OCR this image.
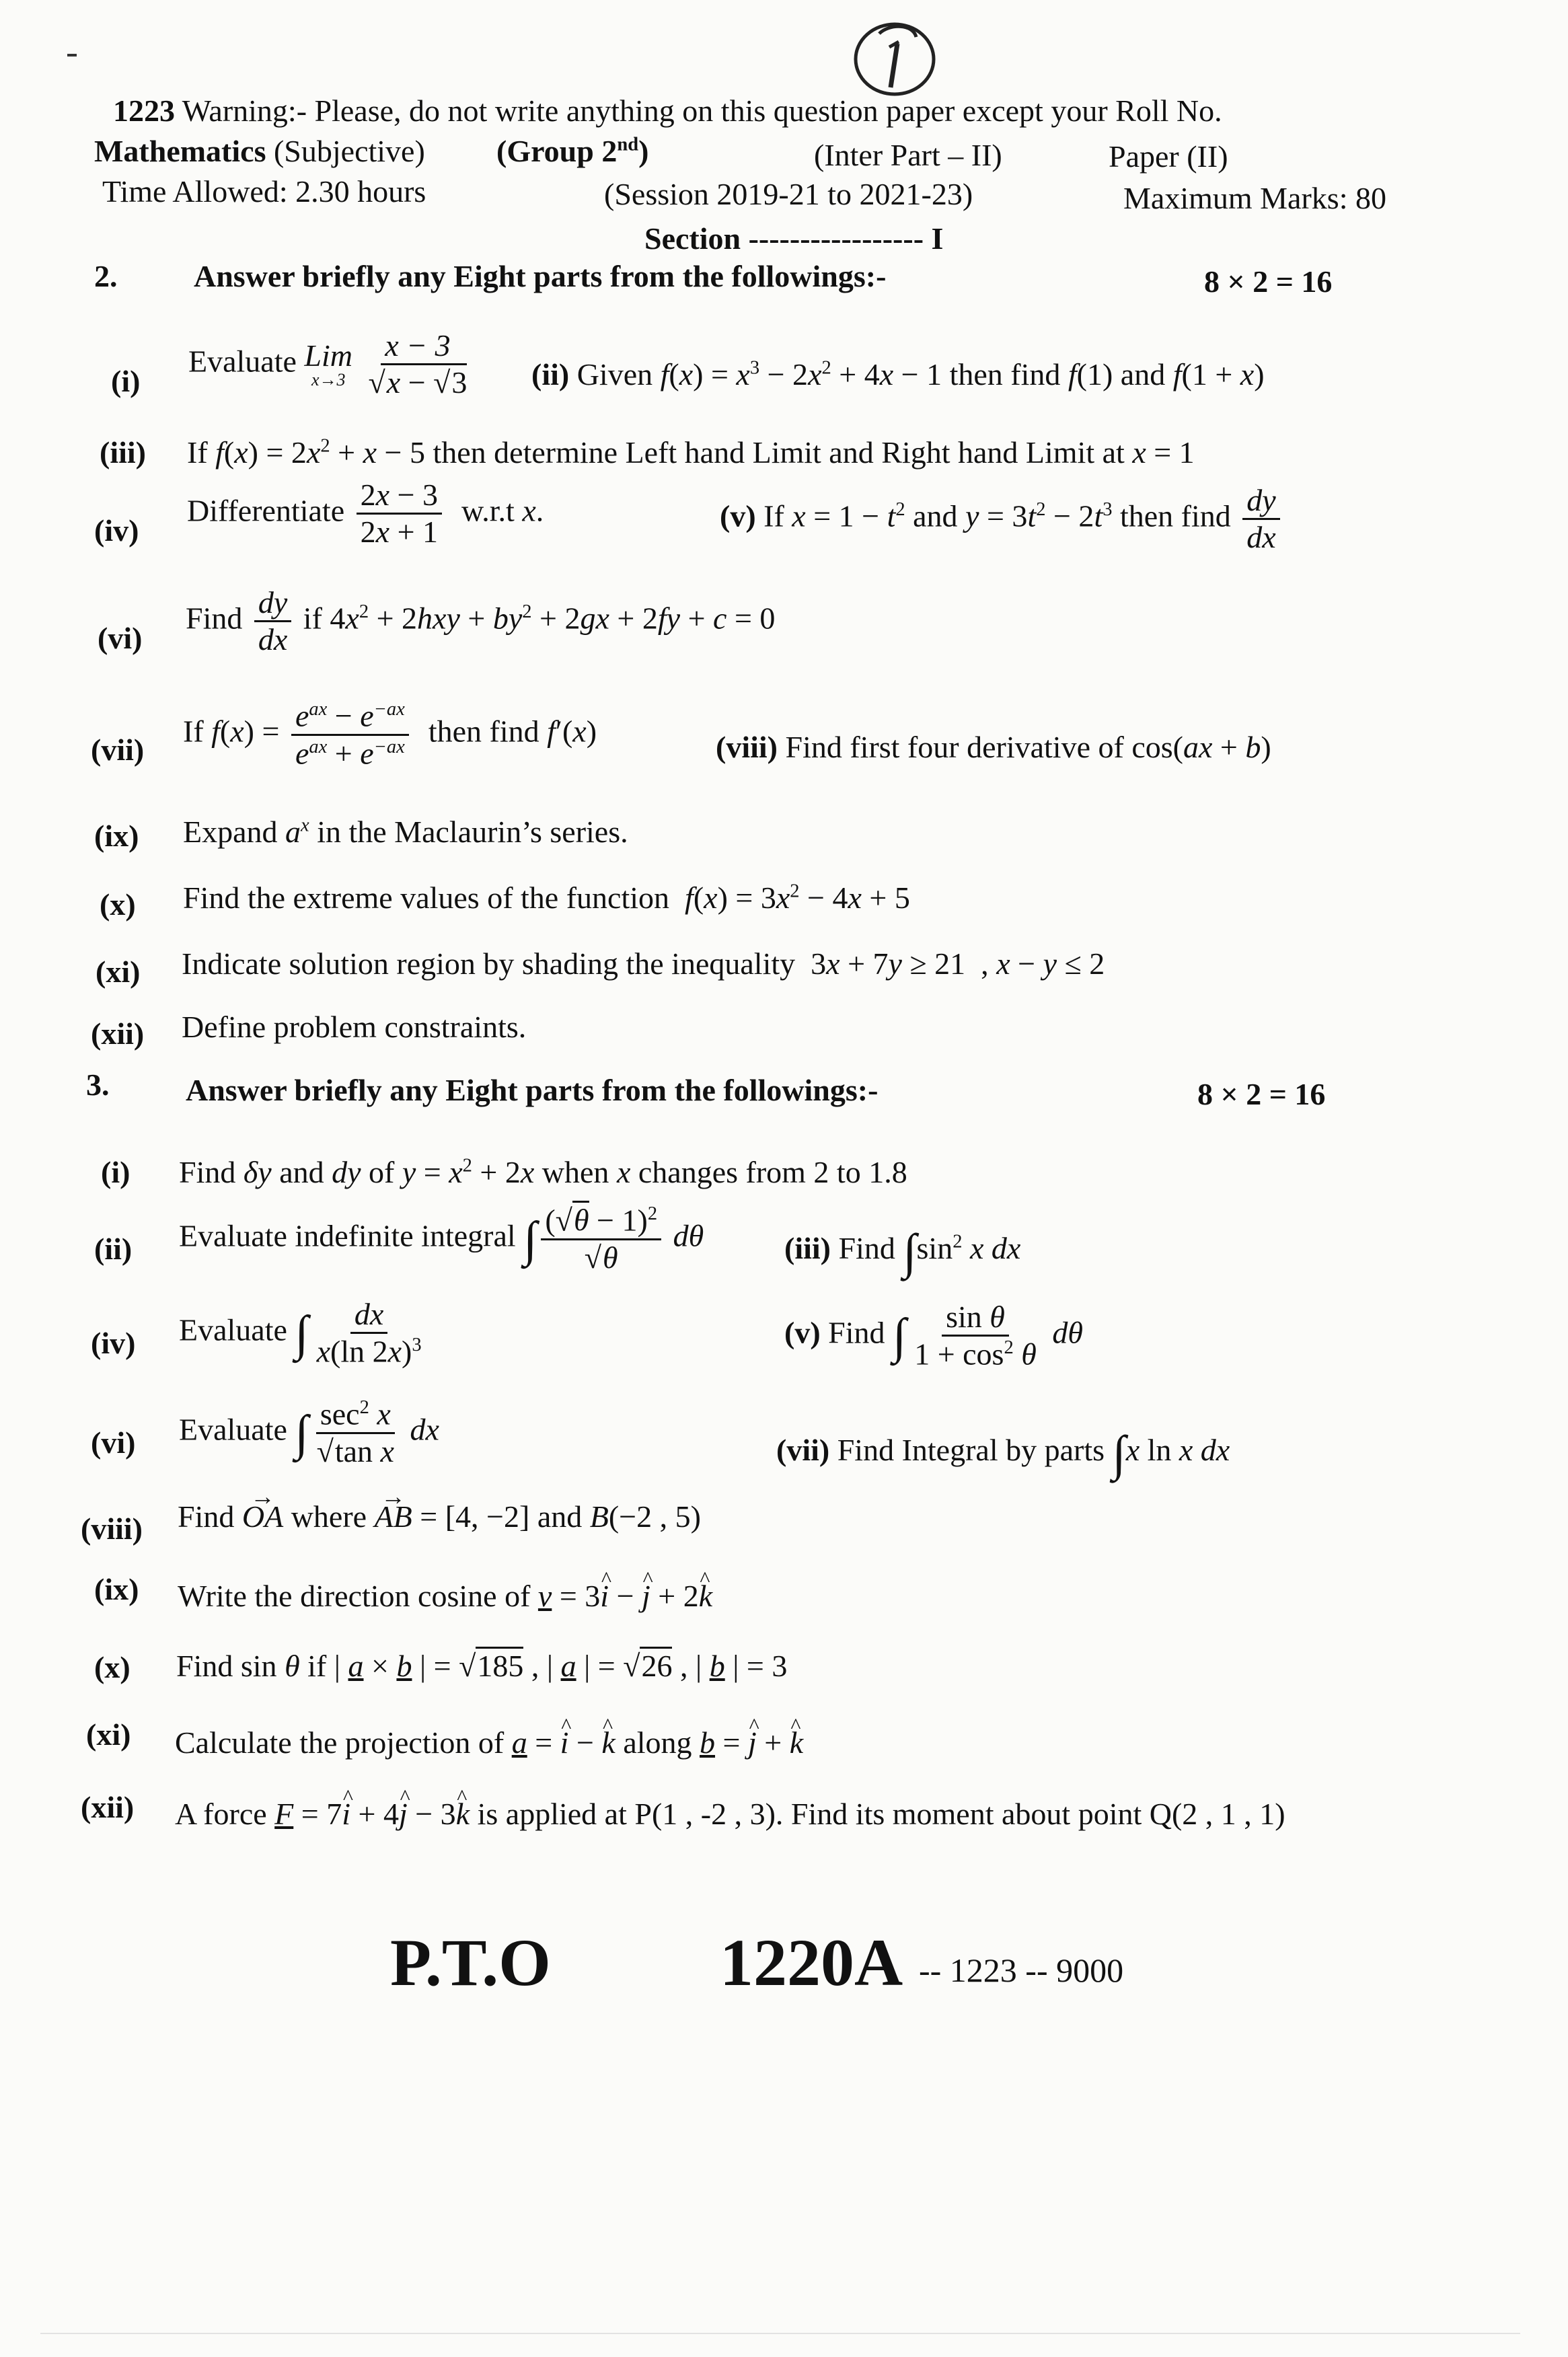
1223 Warning:- Please, do not write anything on this question paper except your Roll No.
Mathematics (Subjective) (Group 2nd)	(Inter Part – II)	Paper (II)
Time Allowed: 2.30 hours	(Session 2019-21 to 2021-23)	Maximum Marks: 80
Section ----------------- I
2. Answer briefly any Eight parts from the followings:-	8 × 2 = 16
(i)
Evaluate Lim
x→3
$\frac{x - 3}{√x - √3} (ii)$ Given $f(x) = x^3 - 2x^2 + 4x - 1$ then find f(1) and f(1 + x)
(iii) If $f(x) = 2x^2 + x - 5$ then determine Left hand Limit and Right hand Limit at x = 1
(iv)
Differentiate $\frac{2x - 3}{2x + 1} w.r.t$ x.	(v) If $x = 1 - t^2$ and $y = 3t^2 - 2t^3$ then find $\frac{dy}{dx}$
(vi)
Find $\frac{dy}{dx}$ if $4x^2 + 2hxy + by^2 + 2gx + 2fy + c = 0$
(vii)
If $f(x) = \frac{e^{ax} - e^{-ax}}{e^{ax} + e^{-ax}}$ then find f′(x)	(viii) Find first four derivative of cos(ax + b)
(ix) Expand $a^x$ in the Maclaurin’s series.
(x) Find the extreme values of the function $f(x) = 3x^2 - 4x + 5$
(xi) Indicate solution region by shading the inequality  3x + 7y ≥ 21  , x − y ≤ 2
(xii) Define problem constraints.
3. Answer briefly any Eight parts from the followings:-	8 × 2 = 16
(i) Find δy and dy of $y = x^2 + 2x$ when x changes from 2 to 1.8
(ii) Evaluate indefinite integral ∫ $\frac{(√\theta - 1)^2}{√\theta}$ dθ	(iii) Find $\int\sin^2$ x dx
(iv) Evaluate ∫ $\frac{dx}{x(\ln 2x)^3}$	(v) Find ∫ $\frac{\text{sin θ}}{1 + \cos^2 \theta}$ dθ
(vi) Evaluate ∫ $\frac{\sec^2 x}{\text{√tan x}}$ dx
(vii) Find Integral by parts ∫x ln x dx
(viii) Find → OA where → AB = [4, −2] and B(−2 , 5)
(ix) Write the direction cosine of v = 3^ i − ^ j + 2^ k
(x) Find sin θ if | a × b | = √185 , | a | = √26 , | b | = 3
(xi) Calculate the projection of a = ^ i − ^ k along b = ^ j + ^ k
(xii) A force F = 7^ i + 4^ j − 3^ k is applied at P(1 , -2 , 3). Find its moment about point Q(2 , 1 , 1)
P.T.O	1220A -- 1223 -- 9000
